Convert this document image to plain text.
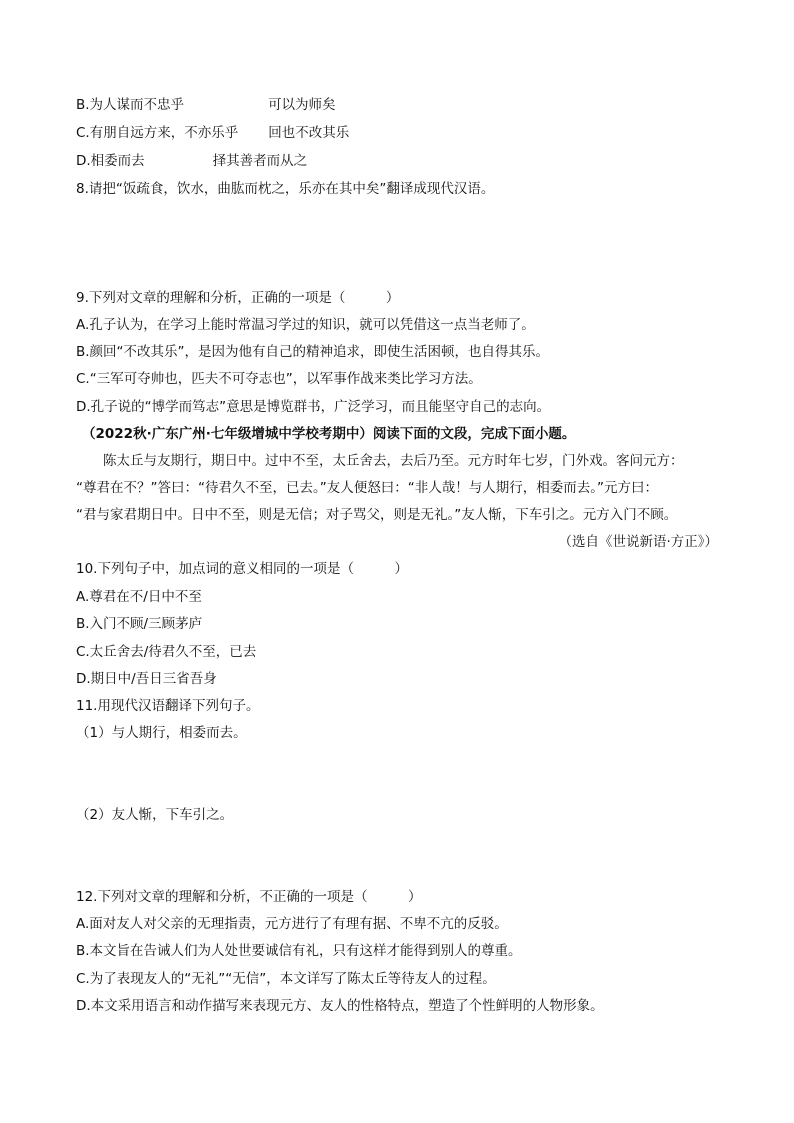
B.为人谋而不忠乎	可以为师矣
C.有朋自远方来，不亦乐乎 回也不改其乐
D.相委而去	择其善者而从之
8.请把“饭疏食，饮水，曲肱而枕之，乐亦在其中矣”翻译成现代汉语。
9.下列对文章的理解和分析，正确的一项是（　　　）
A.孔子认为，在学习上能时常温习学过的知识，就可以凭借这一点当老师了。
B.颜回“不改其乐”，是因为他有自己的精神追求，即使生活困顿，也自得其乐。
C.“三军可夺帅也，匹夫不可夺志也”，以军事作战来类比学习方法。
D.孔子说的“博学而笃志”意思是博览群书，广泛学习，而且能坚守自己的志向。
（2022秋·广东广州·七年级增城中学校考期中）阅读下面的文段，完成下面小题。
陈太丘与友期行，期日中。过中不至，太丘舍去，去后乃至。元方时年七岁，门外戏。客问元方：
“尊君在不？”答曰：“待君久不至，已去。”友人便怒曰：“非人哉！与人期行，相委而去。”元方曰：
“君与家君期日中。日中不至，则是无信；对子骂父，则是无礼。”友人惭，下车引之。元方入门不顾。
（选自《世说新语·方正》）
10.下列句子中，加点词的意义相同的一项是（　　　）
A.尊君在不/日中不至
B.入门不顾/三顾茅庐
C.太丘舍去/待君久不至，已去
D.期日中/吾日三省吾身
11.用现代汉语翻译下列句子。
（1）与人期行，相委而去。
（2）友人惭，下车引之。
12.下列对文章的理解和分析，不正确的一项是（　　　）
A.面对友人对父亲的无理指责，元方进行了有理有据、不卑不亢的反驳。
B.本文旨在告诫人们为人处世要诚信有礼，只有这样才能得到别人的尊重。
C.为了表现友人的“无礼”“无信”，本文详写了陈太丘等待友人的过程。
D.本文采用语言和动作描写来表现元方、友人的性格特点，塑造了个性鲜明的人物形象。
